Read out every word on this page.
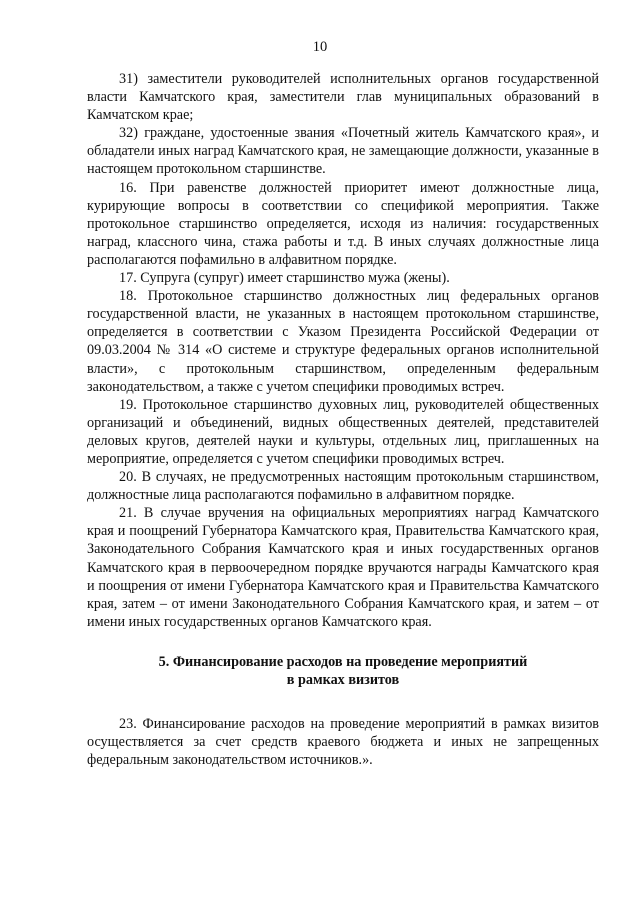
10

31) заместители руководителей исполнительных органов государственной власти Камчатского края, заместители глав муниципальных образований в Камчатском крае;

32) граждане, удостоенные звания «Почетный житель Камчатского края», и обладатели иных наград Камчатского края, не замещающие должности, указанные в настоящем протокольном старшинстве.

16. При равенстве должностей приоритет имеют должностные лица, курирующие вопросы в соответствии со спецификой мероприятия. Также протокольное старшинство определяется, исходя из наличия: государственных наград, классного чина, стажа работы и т.д. В иных случаях должностные лица располагаются пофамильно в алфавитном порядке.

17. Супруга (супруг) имеет старшинство мужа (жены).

18. Протокольное старшинство должностных лиц федеральных органов государственной власти, не указанных в настоящем протокольном старшинстве, определяется в соответствии с Указом Президента Российской Федерации от 09.03.2004 № 314 «О системе и структуре федеральных органов исполнительной власти», с протокольным старшинством, определенным федеральным законодательством, а также с учетом специфики проводимых встреч.

19. Протокольное старшинство духовных лиц, руководителей общественных организаций и объединений, видных общественных деятелей, представителей деловых кругов, деятелей науки и культуры, отдельных лиц, приглашенных на мероприятие, определяется с учетом специфики проводимых встреч.

20. В случаях, не предусмотренных настоящим протокольным старшинством, должностные лица располагаются пофамильно в алфавитном порядке.

21. В случае вручения на официальных мероприятиях наград Камчатского края и поощрений Губернатора Камчатского края, Правительства Камчатского края, Законодательного Собрания Камчатского края и иных государственных органов Камчатского края в первоочередном порядке вручаются награды Камчатского края и поощрения от имени Губернатора Камчатского края и Правительства Камчатского края, затем – от имени Законодательного Собрания Камчатского края, и затем – от имени иных государственных органов Камчатского края.

5. Финансирование расходов на проведение мероприятий
в рамках визитов

23. Финансирование расходов на проведение мероприятий в рамках визитов осуществляется за счет средств краевого бюджета и иных не запрещенных федеральным законодательством источников.».
